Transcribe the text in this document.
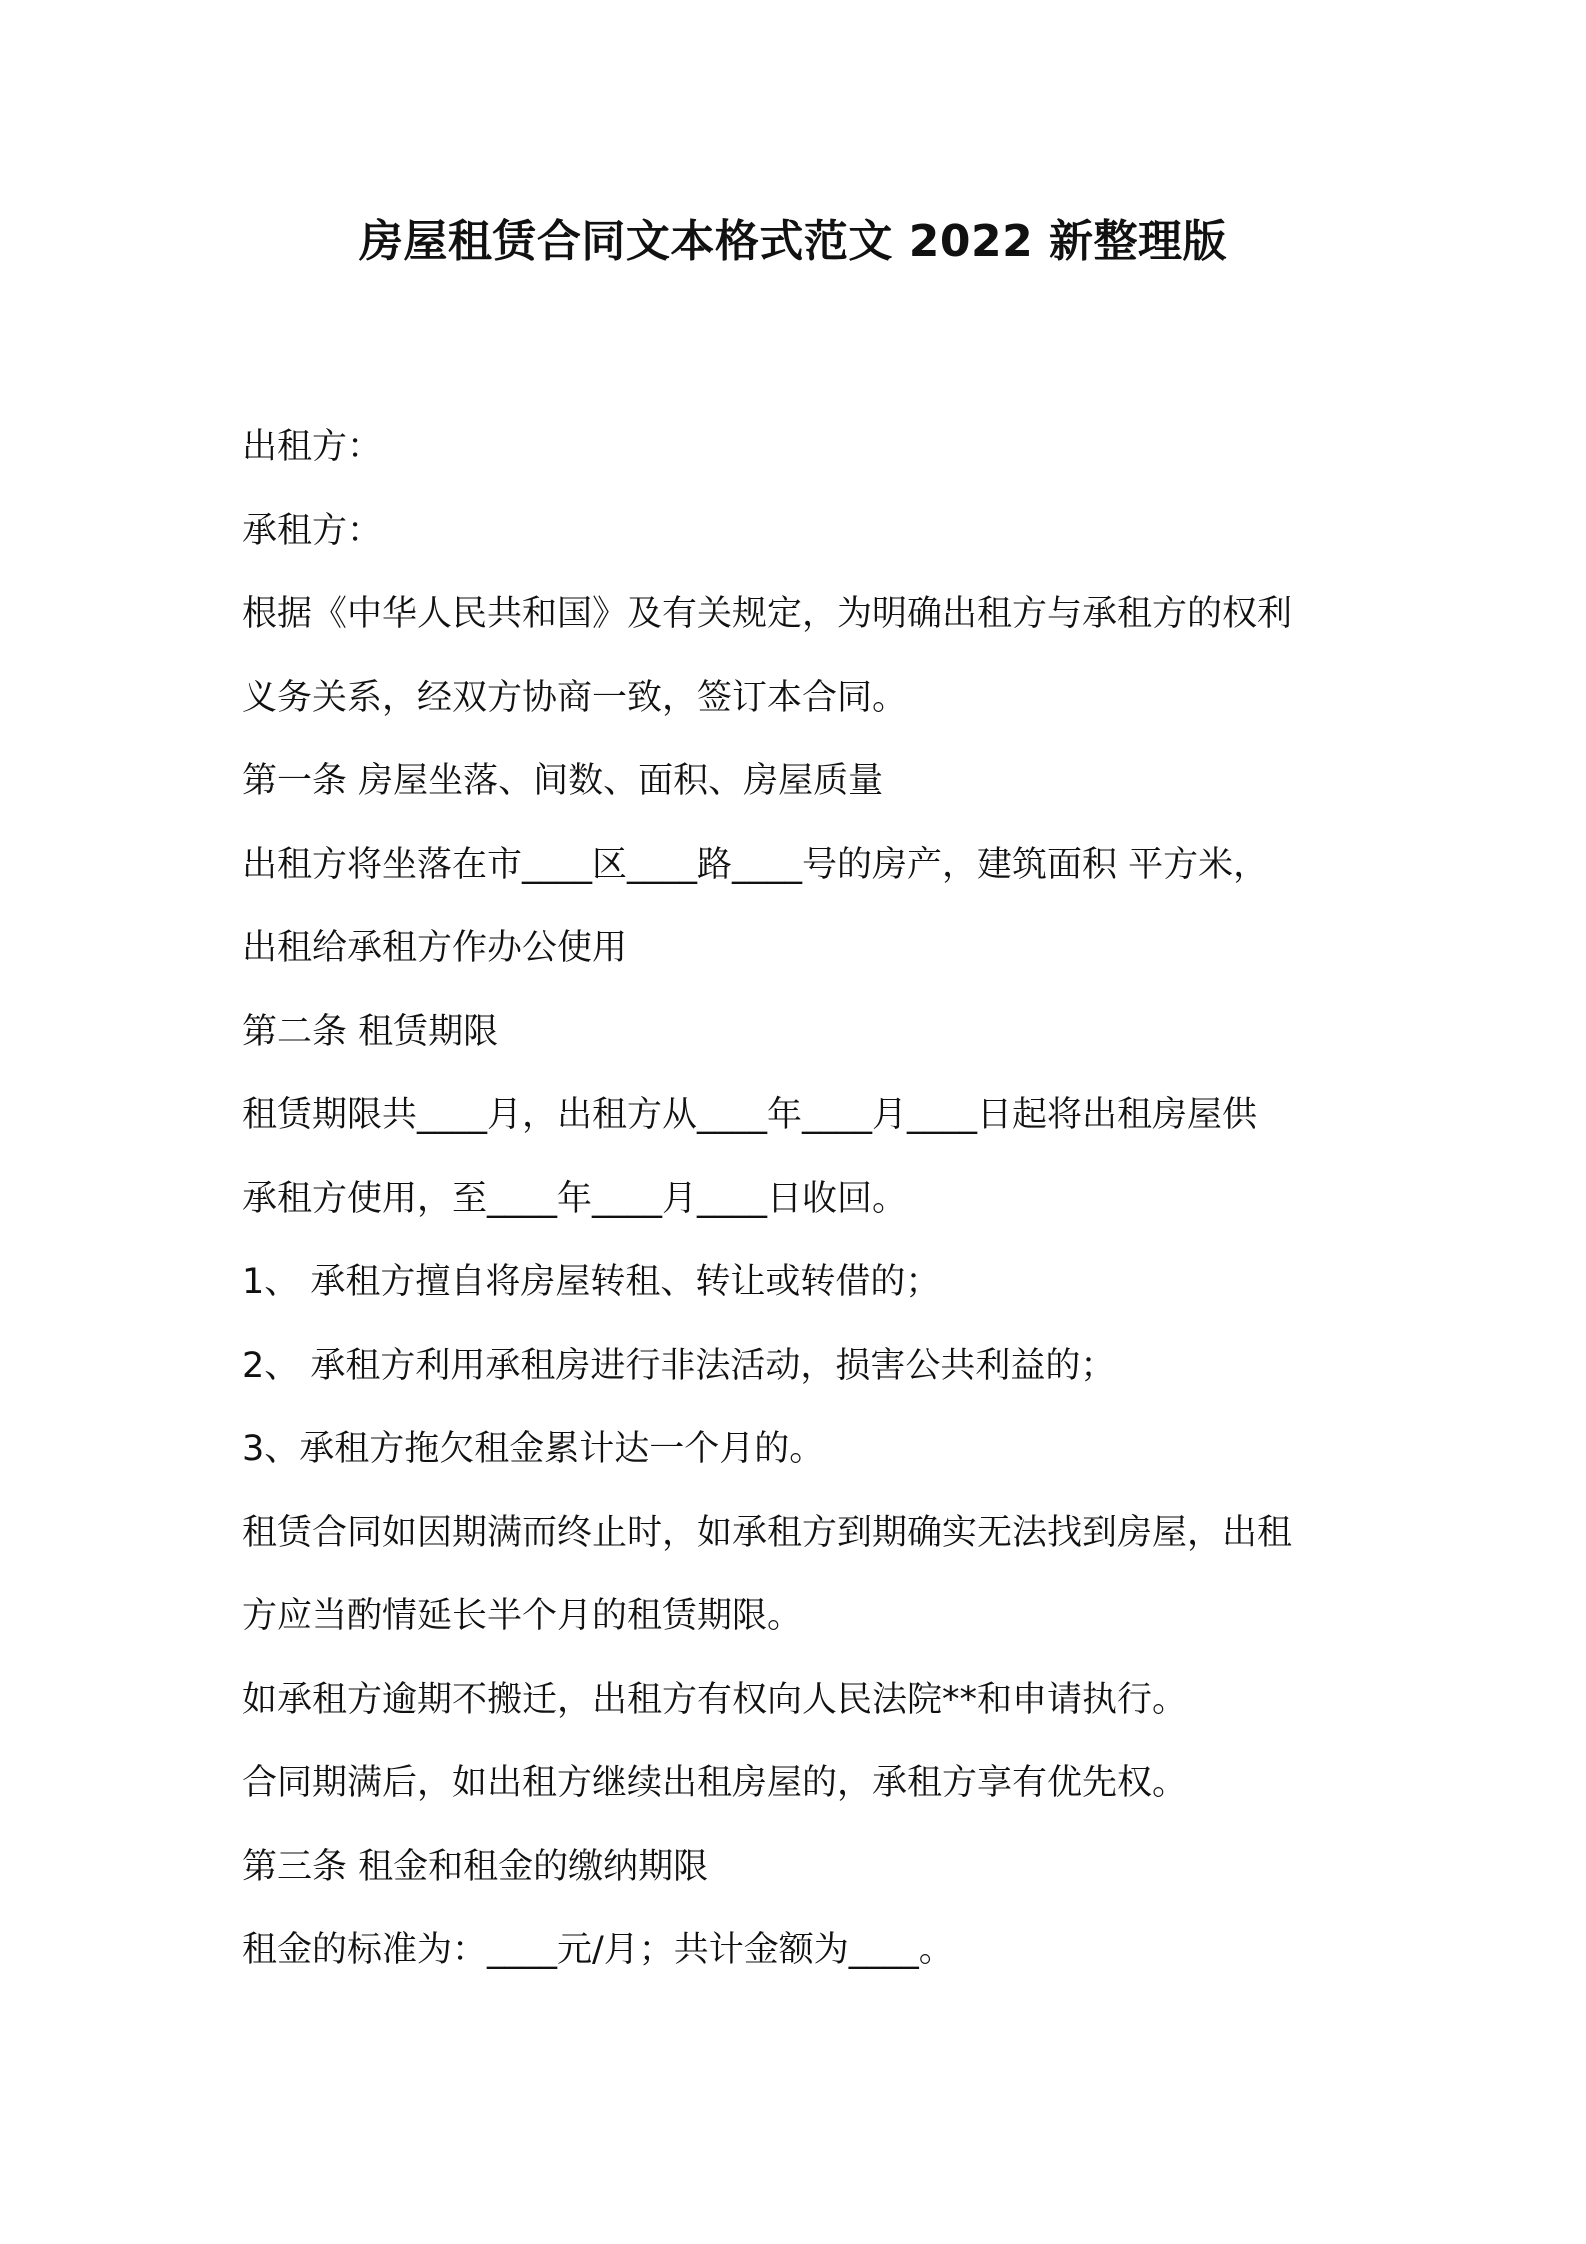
房屋租赁合同文本格式范文 2022 新整理版
出租方：
承租方：
根据《中华人民共和国》及有关规定，为明确出租方与承租方的权利
义务关系，经双方协商一致，签订本合同。
第一条 房屋坐落、间数、面积、房屋质量
出租方将坐落在市____区____路____号的房产，建筑面积 平方米，
出租给承租方作办公使用
第二条 租赁期限
租赁期限共____月，出租方从____年____月____日起将出租房屋供
承租方使用，至____年____月____日收回。
1、 承租方擅自将房屋转租、转让或转借的；
2、 承租方利用承租房进行非法活动，损害公共利益的；
3、承租方拖欠租金累计达一个月的。
租赁合同如因期满而终止时，如承租方到期确实无法找到房屋，出租
方应当酌情延长半个月的租赁期限。
如承租方逾期不搬迁，出租方有权向人民法院**和申请执行。
合同期满后，如出租方继续出租房屋的，承租方享有优先权。
第三条 租金和租金的缴纳期限
租金的标准为：____元/月；共计金额为____。
